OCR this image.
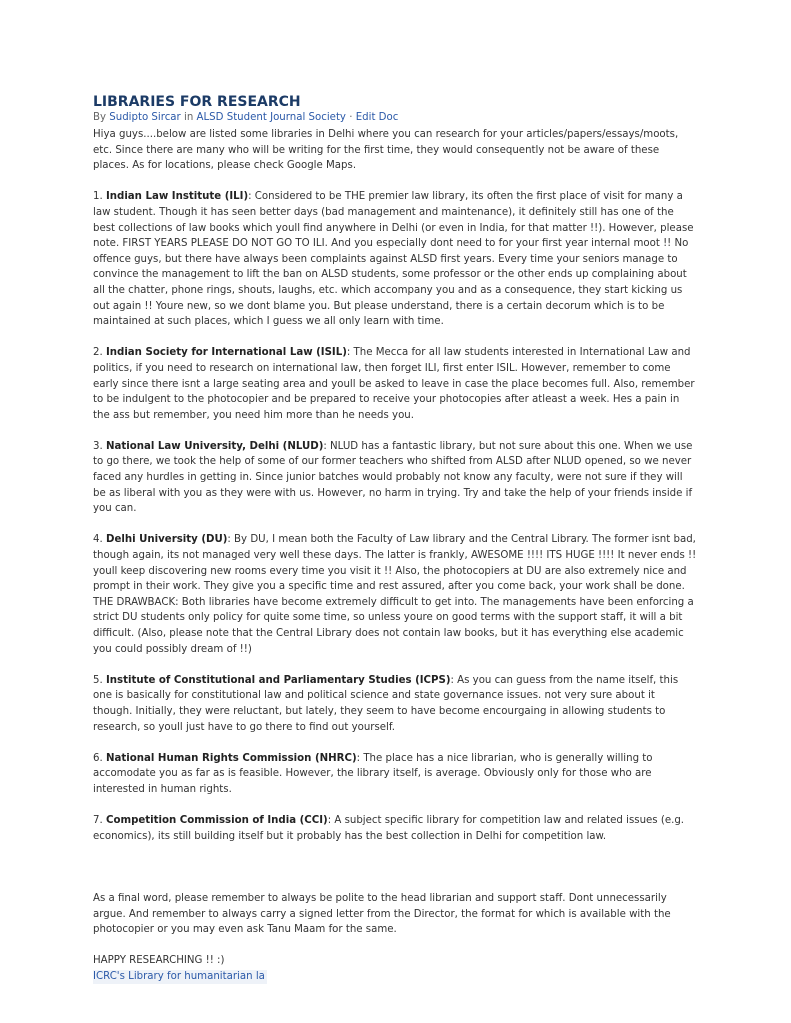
LIBRARIES FOR RESEARCH
By Sudipto Sircar in ALSD Student Journal Society · Edit Doc

Hiya guys....below are listed some libraries in Delhi where you can research for your articles/papers/essays/moots, etc. Since there are many who will be writing for the first time, they would consequently not be aware of these places. As for locations, please check Google Maps.

1. Indian Law Institute (ILI): Considered to be THE premier law library, its often the first place of visit for many a law student. Though it has seen better days (bad management and maintenance), it definitely still has one of the best collections of law books which youll find anywhere in Delhi (or even in India, for that matter !!). However, please note. FIRST YEARS PLEASE DO NOT GO TO ILI. And you especially dont need to for your first year internal moot !! No offence guys, but there have always been complaints against ALSD first years. Every time your seniors manage to convince the management to lift the ban on ALSD students, some professor or the other ends up complaining about all the chatter, phone rings, shouts, laughs, etc. which accompany you and as a consequence, they start kicking us out again !! Youre new, so we dont blame you. But please understand, there is a certain decorum which is to be maintained at such places, which I guess we all only learn with time.

2. Indian Society for International Law (ISIL): The Mecca for all law students interested in International Law and politics, if you need to research on international law, then forget ILI, first enter ISIL. However, remember to come early since there isnt a large seating area and youll be asked to leave in case the place becomes full. Also, remember to be indulgent to the photocopier and be prepared to receive your photocopies after atleast a week. Hes a pain in the ass but remember, you need him more than he needs you.

3. National Law University, Delhi (NLUD): NLUD has a fantastic library, but not sure about this one. When we use to go there, we took the help of some of our former teachers who shifted from ALSD after NLUD opened, so we never faced any hurdles in getting in. Since junior batches would probably not know any faculty, were not sure if they will be as liberal with you as they were with us. However, no harm in trying. Try and take the help of your friends inside if you can.

4. Delhi University (DU): By DU, I mean both the Faculty of Law library and the Central Library. The former isnt bad, though again, its not managed very well these days. The latter is frankly, AWESOME !!!! ITS HUGE !!!! It never ends !! youll keep discovering new rooms every time you visit it !! Also, the photocopiers at DU are also extremely nice and prompt in their work. They give you a specific time and rest assured, after you come back, your work shall be done. THE DRAWBACK: Both libraries have become extremely difficult to get into. The managements have been enforcing a strict DU students only policy for quite some time, so unless youre on good terms with the support staff, it will a bit difficult. (Also, please note that the Central Library does not contain law books, but it has everything else academic you could possibly dream of !!)

5. Institute of Constitutional and Parliamentary Studies (ICPS): As you can guess from the name itself, this one is basically for constitutional law and political science and state governance issues. not very sure about it though. Initially, they were reluctant, but lately, they seem to have become encourgaing in allowing students to research, so youll just have to go there to find out yourself.

6. National Human Rights Commission (NHRC): The place has a nice librarian, who is generally willing to accomodate you as far as is feasible. However, the library itself, is average. Obviously only for those who are interested in human rights.

7. Competition Commission of India (CCI): A subject specific library for competition law and related issues (e.g. economics), its still building itself but it probably has the best collection in Delhi for competition law.

As a final word, please remember to always be polite to the head librarian and support staff. Dont unnecessarily argue. And remember to always carry a signed letter from the Director, the format for which is available with the photocopier or you may even ask Tanu Maam for the same.

HAPPY RESEARCHING !! :)

ICRC's Library for humanitarian la
